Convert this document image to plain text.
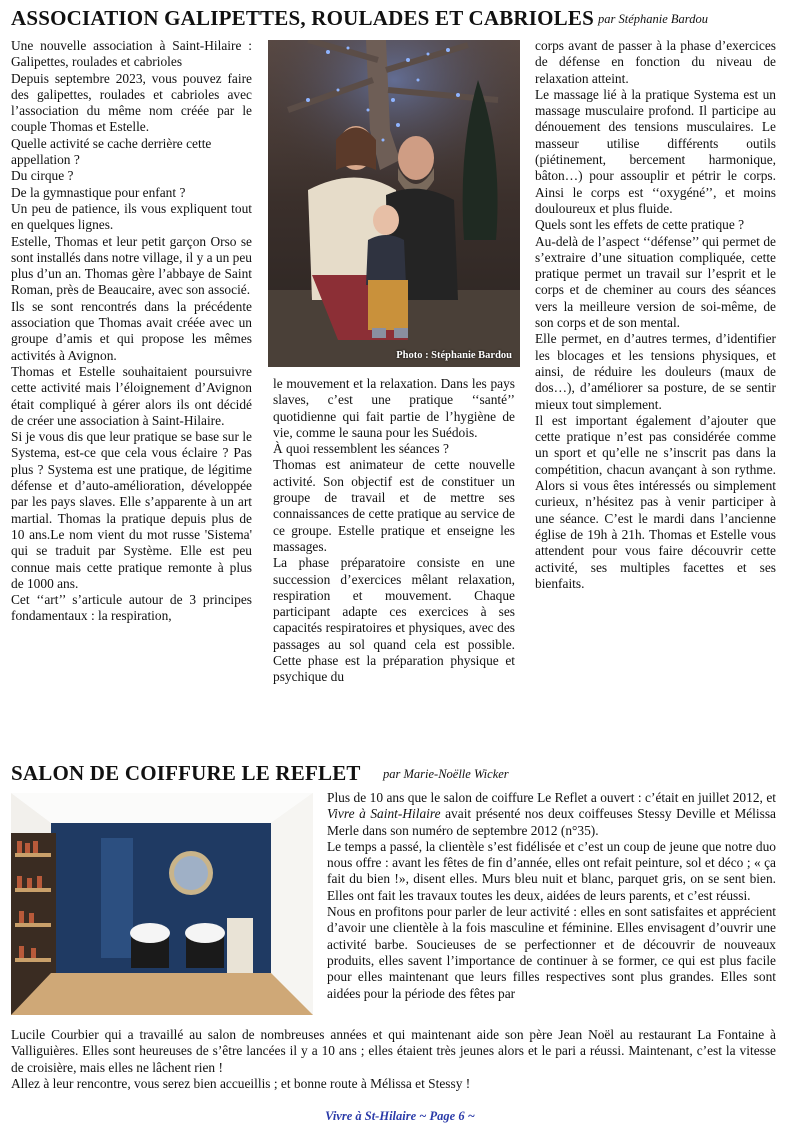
ASSOCIATION GALIPETTES, ROULADES ET CABRIOLES par Stéphanie Bardou

Une nouvelle association à Saint-Hilaire : Galipettes, roulades et cabrioles

Depuis septembre 2023, vous pouvez faire des galipettes, roulades et cabrioles avec l’association du même nom créée par le couple Thomas et Estelle.

Quelle activité se cache derrière cette appellation ?

Du cirque ?

De la gymnastique pour enfant ?

Un peu de patience, ils vous expliquent tout en quelques lignes.

Estelle, Thomas et leur petit garçon Orso se sont installés dans notre village, il y a un peu plus d’un an. Thomas gère l’abbaye de Saint Roman, près de Beaucaire, avec son associé.

Ils se sont rencontrés dans la précédente association que Thomas avait créée avec un groupe d’amis et qui propose les mêmes activités à Avignon.

Thomas et Estelle souhaitaient poursuivre cette activité mais l’éloignement d’Avignon était compliqué à gérer alors ils ont décidé de créer une association à Saint-Hilaire.

Si je vous dis que leur pratique se base sur le Systema, est-ce que cela vous éclaire ? Pas plus ? Systema est une pratique, de légitime défense et d’auto-amélioration, développée par les pays slaves. Elle s’apparente à un art martial. Thomas la pratique depuis plus de 10 ans.Le nom vient du mot russe 'Sistema' qui se traduit par Système. Elle est peu connue mais cette pratique remonte à plus de 1000 ans.

Cet ‘‘art’’ s’articule autour de 3 principes fondamentaux : la respiration,

Photo : Stéphanie Bardou

le mouvement et la relaxation. Dans les pays slaves, c’est une pratique ‘‘santé’’ quotidienne qui fait partie de l’hygiène de vie, comme le sauna pour les Suédois.

À quoi ressemblent les séances ?

Thomas est animateur de cette nouvelle activité. Son objectif est de constituer un groupe de travail et de mettre ses connaissances de cette pratique au service de ce groupe. Estelle pratique et enseigne les massages.

La phase préparatoire consiste en une succession d’exercices mêlant relaxation, respiration et mouvement. Chaque participant adapte ces exercices à ses capacités respiratoires et physiques, avec des passages au sol quand cela est possible. Cette phase est la préparation physique et psychique du

corps avant de passer à la phase d’exercices de défense en fonction du niveau de relaxation atteint.

Le massage lié à la pratique Systema est un massage musculaire profond. Il participe au dénouement des tensions musculaires. Le masseur utilise différents outils (piétinement, bercement harmonique, bâton…) pour assouplir et pétrir le corps. Ainsi le corps est ‘‘oxygéné’’, et moins douloureux et plus fluide.

Quels sont les effets de cette pratique ?

Au-delà de l’aspect ‘‘défense’’ qui permet de s’extraire d’une situation compliquée, cette pratique permet un travail sur l’esprit et le corps et de cheminer au cours des séances vers la meilleure version de soi-même, de son corps et de son mental.

Elle permet, en d’autres termes, d’identifier les blocages et les tensions physiques, et ainsi, de réduire les douleurs (maux de dos…), d’améliorer sa posture, de se sentir mieux tout simplement.

Il est important également d’ajouter que cette pratique n’est pas considérée comme un sport et qu’elle ne s’inscrit pas dans la compétition, chacun avançant à son rythme. Alors si vous êtes intéressés ou simplement curieux, n’hésitez pas à venir participer à une séance. C’est le mardi dans l’ancienne église de 19h à 21h. Thomas et Estelle vous attendent pour vous faire découvrir cette activité, ses multiples facettes et ses bienfaits.

SALON DE COIFFURE LE REFLET par Marie-Noëlle Wicker

Plus de 10 ans que le salon de coiffure Le Reflet a ouvert : c’était en juillet 2012, et Vivre à Saint-Hilaire avait présenté nos deux coiffeuses Stessy Deville et Mélissa Merle dans son numéro de septembre 2012 (n°35).

Le temps a passé, la clientèle s’est fidélisée et c’est un coup de jeune que notre duo nous offre : avant les fêtes de fin d’année, elles ont refait peinture, sol et déco ; « ça fait du bien !», disent elles. Murs bleu nuit et blanc, parquet gris, on se sent bien. Elles ont fait les travaux toutes les deux, aidées de leurs parents, et c’est réussi.

Nous en profitons pour parler de leur activité : elles en sont satisfaites et apprécient d’avoir une clientèle à la fois masculine et féminine. Elles envisagent d’ouvrir une activité barbe. Soucieuses de se perfectionner et de découvrir de nouveaux produits, elles savent l’importance de continuer à se former, ce qui est plus facile pour elles maintenant que leurs filles respectives sont plus grandes. Elles sont aidées pour la période des fêtes par

Lucile Courbier qui a travaillé au salon de nombreuses années et qui maintenant aide son père Jean Noël au restaurant La Fontaine à Valliguières. Elles sont heureuses de s’être lancées il y a 10 ans ; elles étaient très jeunes alors et le pari a réussi. Maintenant, c’est la vitesse de croisière, mais elles ne lâchent rien !

Allez à leur rencontre, vous serez bien accueillis ; et bonne route à Mélissa et Stessy !

Vivre à St-Hilaire ~ Page 6 ~
